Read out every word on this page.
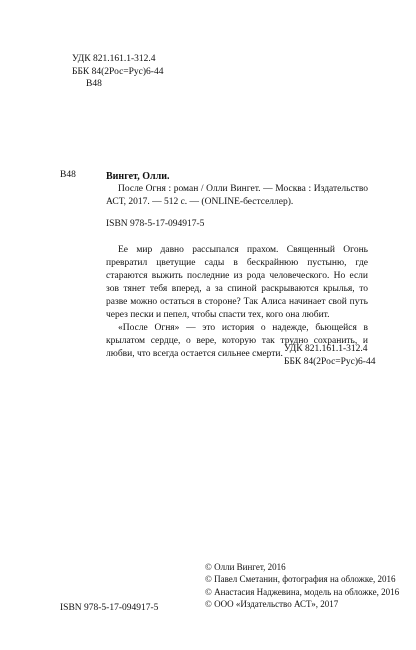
УДК 821.161.1-312.4
ББК 84(2Рос=Рус)6-44
В48
В48	Вингет, Олли.
После Огня : роман / Олли Вингет. — Москва : Издательство АСТ, 2017. — 512 с. — (ONLINE-бестселлер).
ISBN 978-5-17-094917-5

Ее мир давно рассыпался прахом. Священный Огонь превратил цветущие сады в бескрайнюю пустыню, где стараются выжить последние из рода человеческого. Но если зов тянет тебя вперед, а за спиной раскрываются крылья, то разве можно остаться в стороне? Так Алиса начинает свой путь через пески и пепел, чтобы спасти тех, кого она любит.

«После Огня» — это история о надежде, бьющейся в крылатом сердце, о вере, которую так трудно сохранить, и любви, что всегда остается сильнее смерти. УДК 821.161.1-312.4
ББК 84(2Рос=Рус)6-44
© Олли Вингет, 2016
© Павел Сметанин, фотография на обложке, 2016
© Анастасия Наджевина, модель на обложке, 2016
© ООО «Издательство АСТ», 2017
ISBN 978-5-17-094917-5
